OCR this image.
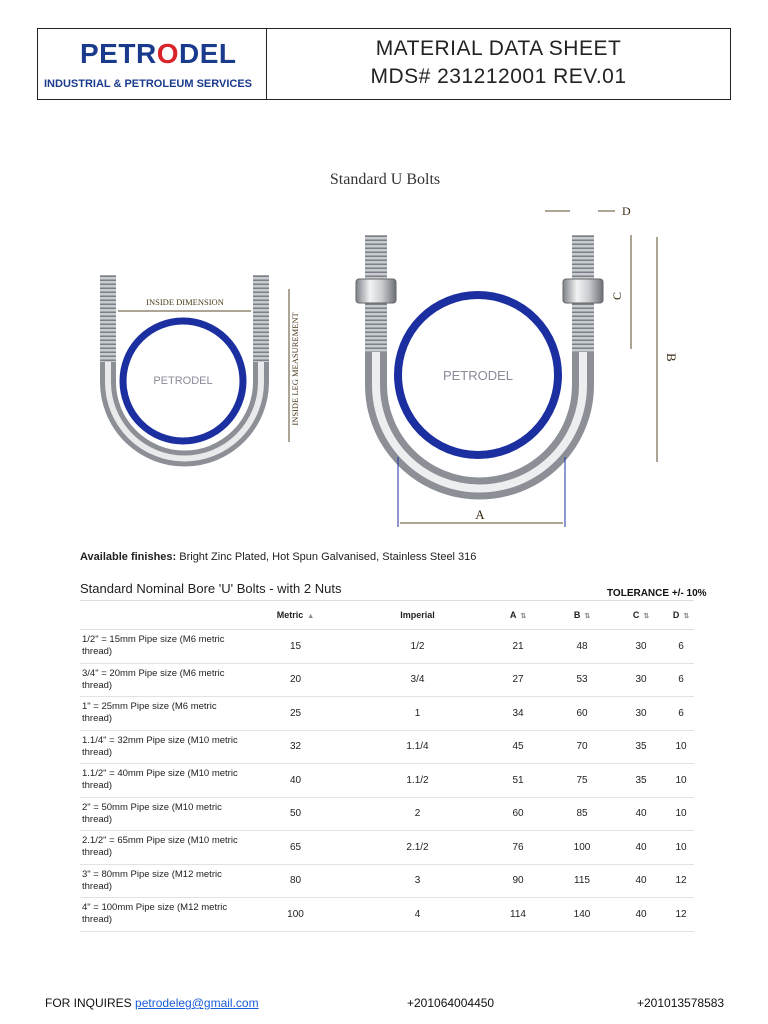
PETRODEL
INDUSTRIAL & PETROLEUM SERVICES
MATERIAL DATA SHEET
MDS# 231212001 REV.01
Standard U Bolts
PETRODEL
INSIDE DIMENSION
INSIDE LEG MEASUREMENT	PETRODEL
A
B
C
D
Available finishes: Bright Zinc Plated, Hot Spun Galvanised, Stainless Steel 316
Standard Nominal Bore 'U' Bolts - with 2 Nuts	TOLERANCE +/- 10%
	Metric ▲	Imperial	A ⇅	B ⇅	C ⇅	D ⇅
1/2" = 15mm Pipe size (M6 metric thread)	15	1/2	21	48	30	6
3/4" = 20mm Pipe size (M6 metric thread)	20	3/4	27	53	30	6
1" = 25mm Pipe size (M6 metric thread)	25	1	34	60	30	6
1.1/4" = 32mm Pipe size (M10 metric thread)	32	1.1/4	45	70	35	10
1.1/2" = 40mm Pipe size (M10 metric thread)	40	1.1/2	51	75	35	10
2" = 50mm Pipe size (M10 metric thread)	50	2	60	85	40	10
2.1/2" = 65mm Pipe size (M10 metric thread)	65	2.1/2	76	100	40	10
3" = 80mm Pipe size (M12 metric thread)	80	3	90	115	40	12
4" = 100mm Pipe size (M12 metric thread)	100	4	114	140	40	12
FOR INQUIRES petrodeleg@gmail.com	+201064004450	+201013578583
